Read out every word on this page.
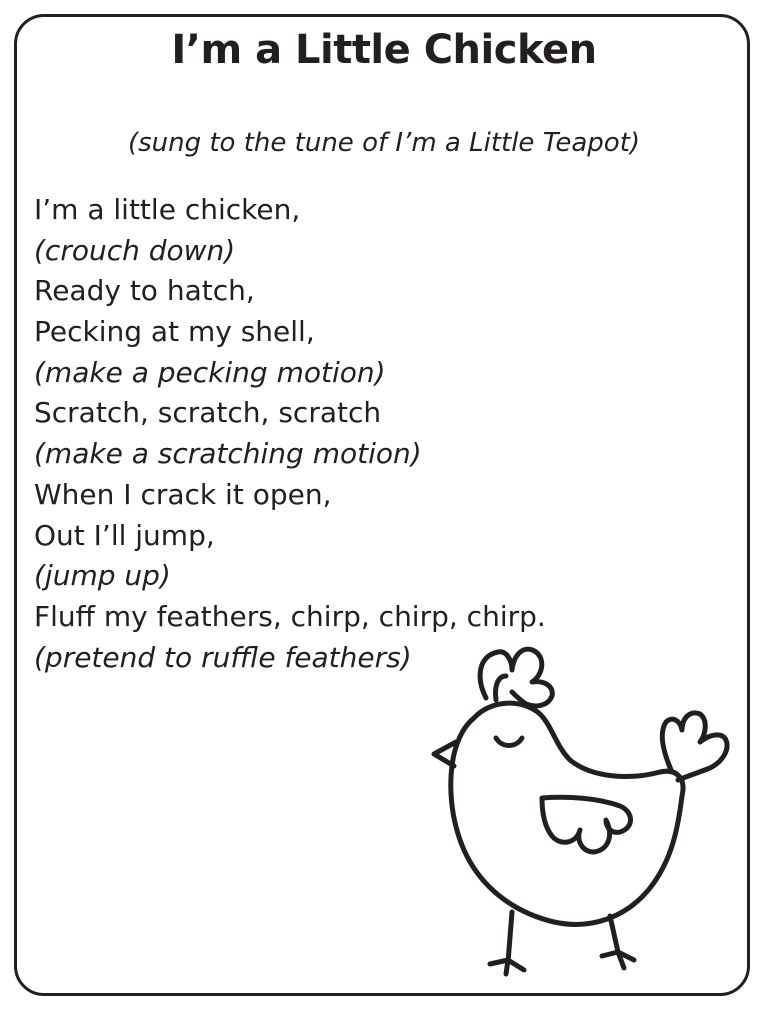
I’m a Little Chicken

(sung to the tune of I’m a Little Teapot)

I’m a little chicken,
(crouch down)
Ready to hatch,
Pecking at my shell,
(make a pecking motion)
Scratch, scratch, scratch
(make a scratching motion)
When I crack it open,
Out I’ll jump,
(jump up)
Fluff my feathers, chirp, chirp, chirp.
(pretend to ruffle feathers)
